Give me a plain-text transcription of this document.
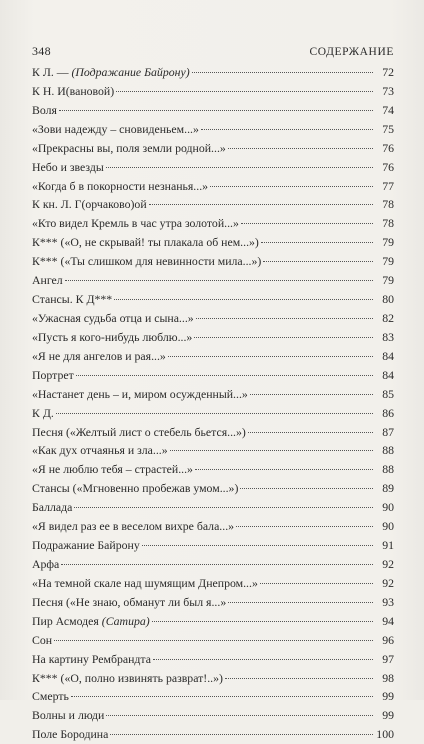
348	СОДЕРЖАНИЕ
К Л. — (Подражание Байрону)	72
К Н. И(вановой)	73
Воля	74
«Зови надежду – сновиденьем...»	75
«Прекрасны вы, поля земли родной...»	76
Небо и звезды	76
«Когда б в покорности незнанья...»	77
К кн. Л. Г(орчаково)ой	78
«Кто видел Кремль в час утра золотой...»	78
К*** («О, не скрывай! ты плакала об нем...»)	79
К*** («Ты слишком для невинности мила...»)	79
Ангел	79
Стансы. К Д***	80
«Ужасная судьба отца и сына...»	82
«Пусть я кого-нибудь люблю...»	83
«Я не для ангелов и рая...»	84
Портрет	84
«Настанет день – и, миром осужденный...»	85
К Д.	86
Песня («Желтый лист о стебель бьется...»)	87
«Как дух отчаянья и зла...»	88
«Я не люблю тебя – страстей...»	88
Стансы («Мгновенно пробежав умом...»)	89
Баллада	90
«Я видел раз ее в веселом вихре бала...»	90
Подражание Байрону	91
Арфа	92
«На темной скале над шумящим Днепром...»	92
Песня («Не знаю, обманут ли был я...»	93
Пир Асмодея (Сатира)	94
Сон	96
На картину Рембрандта	97
К*** («О, полно извинять разврат!..»)	98
Смерть	99
Волны и люди	99
Поле Бородина	100
